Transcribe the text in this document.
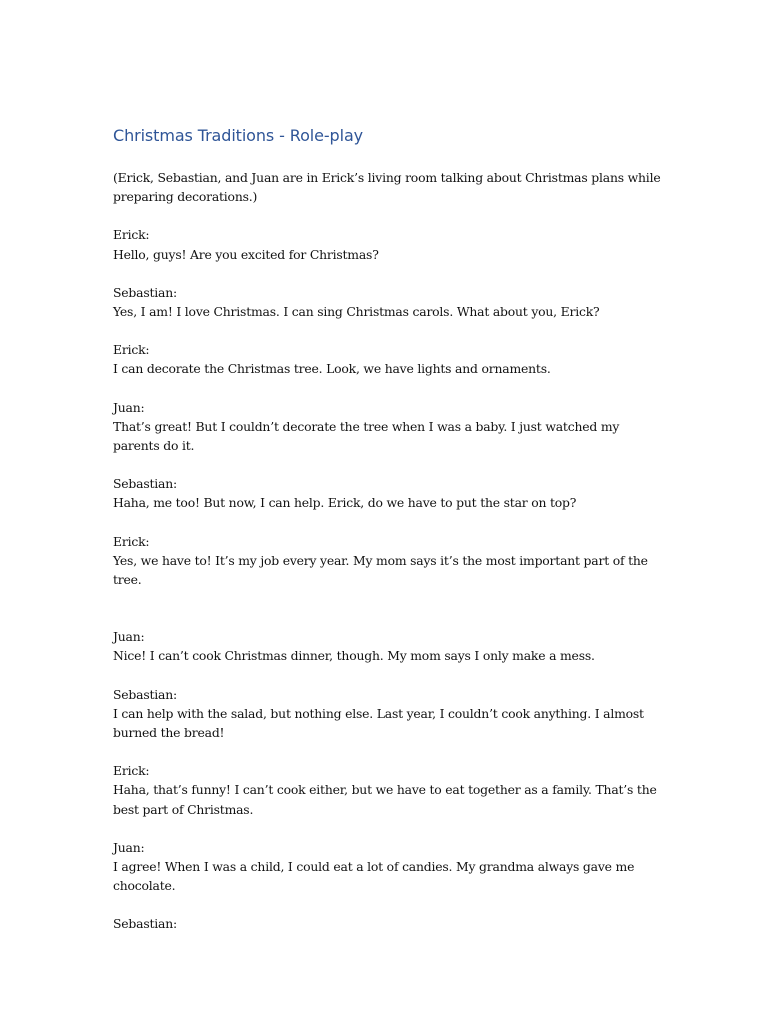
Christmas Traditions - Role-play
(Erick, Sebastian, and Juan are in Erick’s living room talking about Christmas plans while preparing decorations.)
Erick:
Hello, guys! Are you excited for Christmas?
Sebastian:
Yes, I am! I love Christmas. I can sing Christmas carols. What about you, Erick?
Erick:
I can decorate the Christmas tree. Look, we have lights and ornaments.
Juan:
That’s great! But I couldn’t decorate the tree when I was a baby. I just watched my parents do it.
Sebastian:
Haha, me too! But now, I can help. Erick, do we have to put the star on top?
Erick:
Yes, we have to! It’s my job every year. My mom says it’s the most important part of the tree.
Juan:
Nice! I can’t cook Christmas dinner, though. My mom says I only make a mess.
Sebastian:
I can help with the salad, but nothing else. Last year, I couldn’t cook anything. I almost burned the bread!
Erick:
Haha, that’s funny! I can’t cook either, but we have to eat together as a family. That’s the best part of Christmas.
Juan:
I agree! When I was a child, I could eat a lot of candies. My grandma always gave me chocolate.
Sebastian:
